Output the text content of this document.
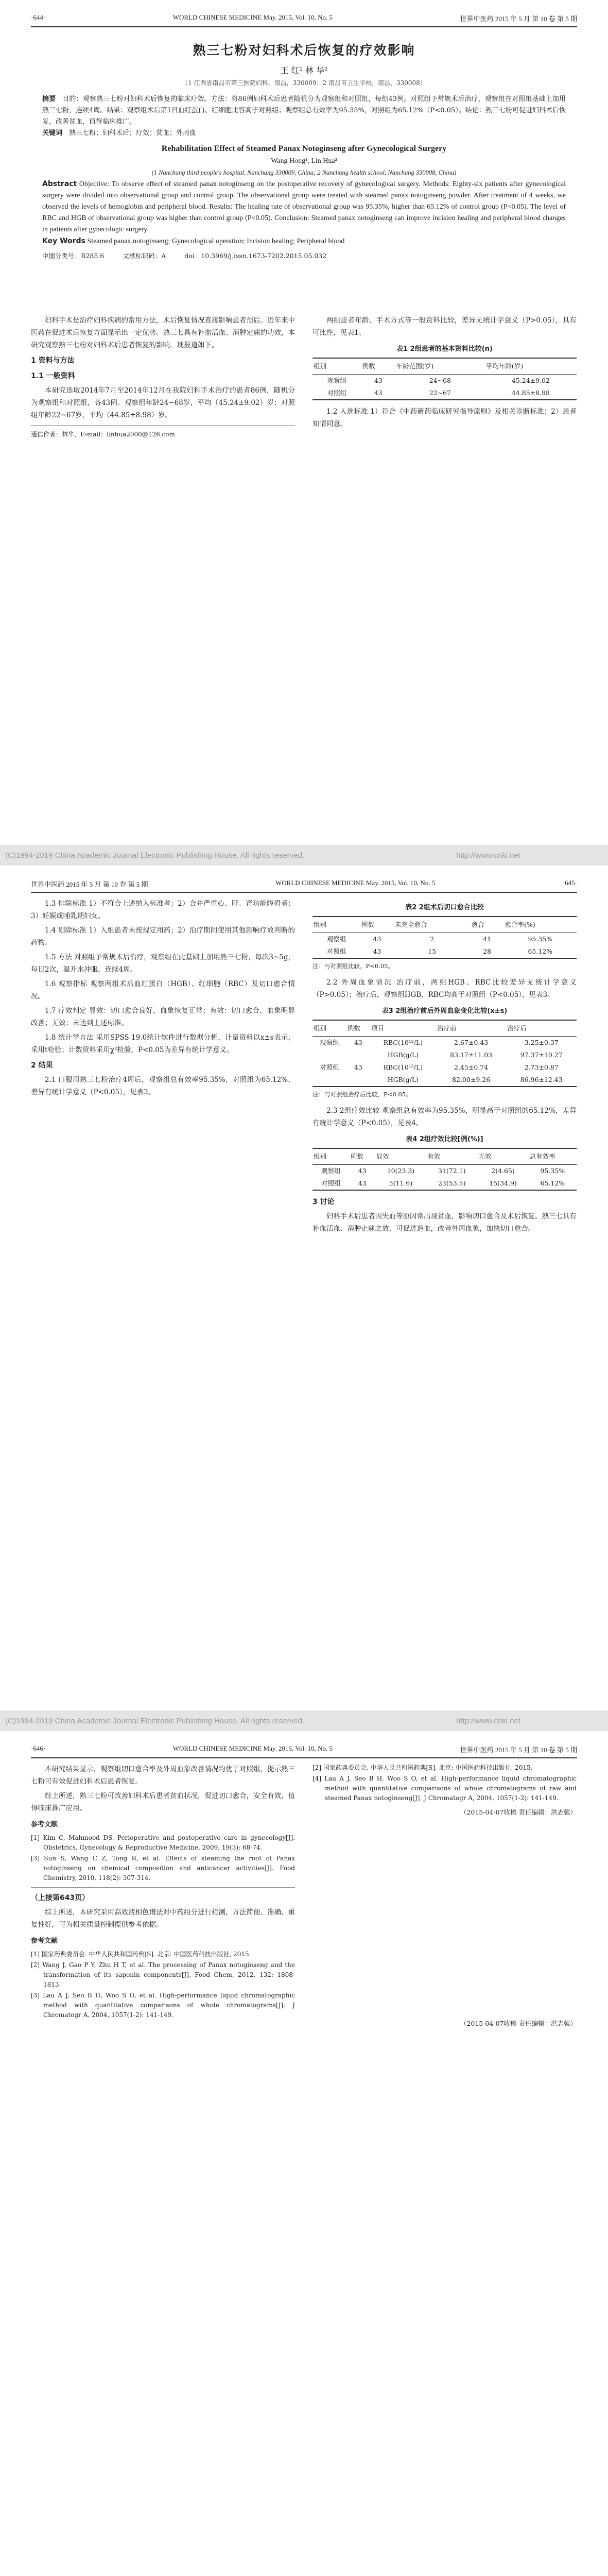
·644·	WORLD CHINESE MEDICINE May. 2015, Vol. 10, No. 5	世界中医药 2015 年 5 月 第 10 卷 第 5 期
熟三七粉对妇科术后恢复的疗效影响
王 红¹ 林 华²
（1 江西省南昌市第三医院妇科，南昌，330009；2 南昌市卫生学校，南昌，330008）
摘要　 目的：观察熟三七粉对妇科术后恢复的临床疗效。方法：将86例妇科术后患者随机分为观察组和对照组，每组43例。对照组予常规术后治疗，观察组在对照组基础上加用熟三七粉，连续4周。结果：观察组术后第1日血红蛋白、红细胞比容高于对照组；观察组总有效率为95.35%，对照组为65.12%（P<0.05）。结论：熟三七粉可促进妇科术后恢复，改善贫血，值得临床推广。
关键词　 熟三七粉；妇科术后；疗效；贫血；外周血
Rehabilitation Effect of Steamed Panax Notoginseng after Gynecological Surgery
Wang Hong¹, Lin Hua²
(1 Nanchang third people's hospital, Nanchang 330009, China; 2 Nanchang health school, Nanchang 330008, China)
Abstract Objective: To observe effect of steamed panax notoginseng on the postoperative recovery of gynecological surgery. Methods: Eighty-six patients after gynecological surgery were divided into observational group and control group. The observational group were treated with steamed panax notoginseng powder. After treatment of 4 weeks, we observed the levels of hemoglobin and peripheral blood. Results: The healing rate of observational group was 95.35%, higher than 65.12% of control group (P<0.05). The level of RBC and HGB of observational group was higher than control group (P<0.05). Conclusion: Steamed panax notoginseng can improve incision healing and peripheral blood changes in patients after gynecologic surgery.
Key Words Steamed panax notoginseng; Gynecological operation; Incision healing; Peripheral blood
中图分类号：R285.6	文献标识码：A	doi：10.3969/j.issn.1673-7202.2015.05.032

妇科手术是治疗妇科疾病的常用方法，术后恢复情况直接影响患者预后。近年来中医药在促进术后恢复方面显示出一定优势。熟三七具有补血活血、消肿定痛的功效，本研究观察熟三七粉对妇科术后患者恢复的影响，现报道如下。

1 资料与方法
1.1 一般资料

本研究选取2014年7月至2014年12月在我院妇科手术治疗的患者86例，随机分为观察组和对照组，各43例。观察组年龄24~68岁，平均（45.24±9.02）岁；对照组年龄22~67岁，平均（44.85±8.98）岁。

通信作者：林华，E-mail：linhua2000@126.com

两组患者年龄、手术方式等一般资料比较，差异无统计学意义（P>0.05），具有可比性，见表1。

表1 2组患者的基本资料比较(n)
组别	例数	年龄范围(岁)	平均年龄(岁)
观察组	43	24~68	45.24±9.02
对照组	43	22~67	44.85±8.98

1.2 入选标准 1）符合《中药新药临床研究指导原则》及相关诊断标准；2）患者知情同意。

(C)1994-2019 China Academic Journal Electronic Publishing House. All rights reserved.	http://www.cnki.net
世界中医药 2015 年 5 月 第 10 卷 第 5 期	WORLD CHINESE MEDICINE May. 2015, Vol. 10, No. 5	·645·

1.3 排除标准 1）不符合上述纳入标准者；2）合并严重心、肝、肾功能障碍者；3）妊娠或哺乳期妇女。

1.4 剔除标准 1）入组患者未按规定用药；2）治疗期间使用其他影响疗效判断的药物。

1.5 方法 对照组予常规术后治疗，观察组在此基础上加用熟三七粉，每次3~5g，每日2次，温开水冲服，连续4周。

1.6 观察指标 观察两组术后血红蛋白（HGB）、红细胞（RBC）及切口愈合情况。

1.7 疗效判定 显效：切口愈合良好，血象恢复正常；有效：切口愈合，血象明显改善；无效：未达到上述标准。

1.8 统计学方法 采用SPSS 19.0统计软件进行数据分析，计量资料以x±s表示，采用t检验；计数资料采用χ²检验，P<0.05为差异有统计学意义。

2 结果

2.1 口服用熟三七粉治疗4周后，观察组总有效率95.35%，对照组为65.12%，差异有统计学意义（P<0.05），见表2。

表2 2组术后切口愈合比较
组别	例数	未完全愈合	愈合	愈合率(%)
观察组	43	2	41	95.35%
对照组	43	15	28	65.12%
注：与对照组比较，P<0.05。

2.2 外周血象情况 治疗前，两组HGB、RBC比较差异无统计学意义（P>0.05）；治疗后，观察组HGB、RBC均高于对照组（P<0.05），见表3。

表3 2组治疗前后外周血象变化比较(x±s)
组别	例数	项目	治疗前	治疗后
观察组	43	RBC(10¹²/L)	2.67±0.43	3.25±0.37
		HGB(g/L)	83.17±11.03	97.37±10.27
对照组	43	RBC(10¹²/L)	2.45±0.74	2.73±0.87
		HGB(g/L)	82.00±9.26	86.96±12.43
注：与对照组治疗后比较，P<0.05。

2.3 2组疗效比较 观察组总有效率为95.35%，明显高于对照组的65.12%，差异有统计学意义（P<0.05），见表4。

表4 2组疗效比较[例(%)]
组别	例数	显效	有效	无效	总有效率
观察组	43	10(23.3)	31(72.1)	2(4.65)	95.35%
对照组	43	5(11.6)	23(53.5)	15(34.9)	65.12%
3 讨论

妇科手术后患者因失血等原因常出现贫血，影响切口愈合及术后恢复。熟三七具有补血活血、消肿止痛之效，可促进造血，改善外周血象，加快切口愈合。

(C)1994-2019 China Academic Journal Electronic Publishing House. All rights reserved.	http://www.cnki.net
·646·	WORLD CHINESE MEDICINE May. 2015, Vol. 10, No. 5	世界中医药 2015 年 5 月 第 10 卷 第 5 期

本研究结果显示，观察组切口愈合率及外周血象改善情况均优于对照组，提示熟三七粉可有效促进妇科术后患者恢复。

综上所述，熟三七粉可改善妇科术后患者贫血状况，促进切口愈合，安全有效，值得临床推广应用。

参考文献
[1] Kim C, Mahmood DS. Perioperative and postoperative care in gynecology[J]. Obstetrics, Gynecology & Reproductive Medicine, 2009, 19(3): 68-74.
[3] Sun S, Wang C Z, Tong R, et al. Effects of steaming the root of Panax notoginseng on chemical composition and anticancer activities[J]. Food Chemistry, 2010, 118(2): 307-314.
（上接第643页）

综上所述，本研究采用高效液相色谱法对中药组分进行检测，方法简便、准确、重复性好，可为相关质量控制提供参考依据。

参考文献
[1] 国家药典委员会. 中华人民共和国药典[S]. 北京: 中国医药科技出版社, 2015.
[2] Wang J, Gao P Y, Zhu H T, et al. The processing of Panax notoginseng and the transformation of its saponin components[J]. Food Chem, 2012, 132: 1808-1813.
[3] Lau A J, Seo B H, Woo S O, et al. High-performance liquid chromatographic method with quantitative comparisons of whole chromatograms[J]. J Chromatogr A, 2004, 1057(1-2): 141-149.
[2] 国家药典委员会. 中华人民共和国药典[S]. 北京: 中国医药科技出版社, 2015.
[4] Lau A J, Seo B H, Woo S O, et al. High-performance liquid chromatographic method with quantitative comparisons of whole chromatograms of raw and steamed Panax notoginseng[J]. J Chromatogr A, 2004, 1057(1-2): 141-149.
（2015-04-07收稿 责任编辑：洪志强）
（2015-04-07收稿 责任编辑：洪志强）
